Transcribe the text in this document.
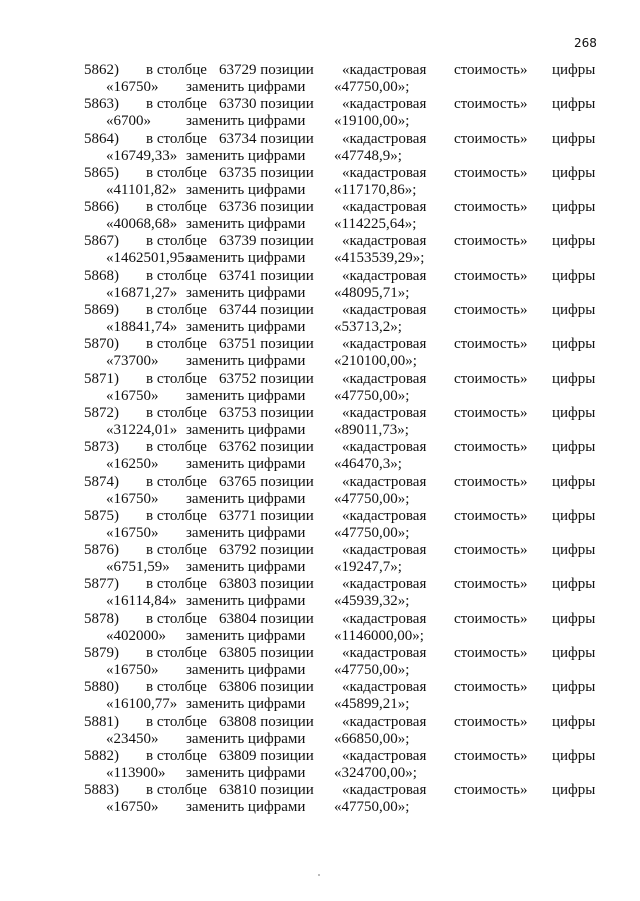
268
5862) в столбце 63729 позиции «кадастровая стоимость» цифры
«16750» заменить цифрами «47750,00»;
5863) в столбце 63730 позиции «кадастровая стоимость» цифры
«6700» заменить цифрами «19100,00»;
5864) в столбце 63734 позиции «кадастровая стоимость» цифры
«16749,33» заменить цифрами «47748,9»;
5865) в столбце 63735 позиции «кадастровая стоимость» цифры
«41101,82» заменить цифрами «117170,86»;
5866) в столбце 63736 позиции «кадастровая стоимость» цифры
«40068,68» заменить цифрами «114225,64»;
5867) в столбце 63739 позиции «кадастровая стоимость» цифры
«1462501,95»
заменить цифрами «4153539,29»;
5868) в столбце 63741 позиции «кадастровая стоимость» цифры
«16871,27» заменить цифрами «48095,71»;
5869) в столбце 63744 позиции «кадастровая стоимость» цифры
«18841,74» заменить цифрами «53713,2»;
5870) в столбце 63751 позиции «кадастровая стоимость» цифры
«73700» заменить цифрами «210100,00»;
5871) в столбце 63752 позиции «кадастровая стоимость» цифры
«16750» заменить цифрами «47750,00»;
5872) в столбце 63753 позиции «кадастровая стоимость» цифры
«31224,01» заменить цифрами «89011,73»;
5873) в столбце 63762 позиции «кадастровая стоимость» цифры
«16250» заменить цифрами «46470,3»;
5874) в столбце 63765 позиции «кадастровая стоимость» цифры
«16750» заменить цифрами «47750,00»;
5875) в столбце 63771 позиции «кадастровая стоимость» цифры
«16750» заменить цифрами «47750,00»;
5876) в столбце 63792 позиции «кадастровая стоимость» цифры
«6751,59» заменить цифрами «19247,7»;
5877) в столбце 63803 позиции «кадастровая стоимость» цифры
«16114,84» заменить цифрами «45939,32»;
5878) в столбце 63804 позиции «кадастровая стоимость» цифры
«402000» заменить цифрами «1146000,00»;
5879) в столбце 63805 позиции «кадастровая стоимость» цифры
«16750» заменить цифрами «47750,00»;
5880) в столбце 63806 позиции «кадастровая стоимость» цифры
«16100,77» заменить цифрами «45899,21»;
5881) в столбце 63808 позиции «кадастровая стоимость» цифры
«23450» заменить цифрами «66850,00»;
5882) в столбце 63809 позиции «кадастровая стоимость» цифры
«113900» заменить цифрами «324700,00»;
5883) в столбце 63810 позиции «кадастровая стоимость» цифры
«16750» заменить цифрами «47750,00»;
